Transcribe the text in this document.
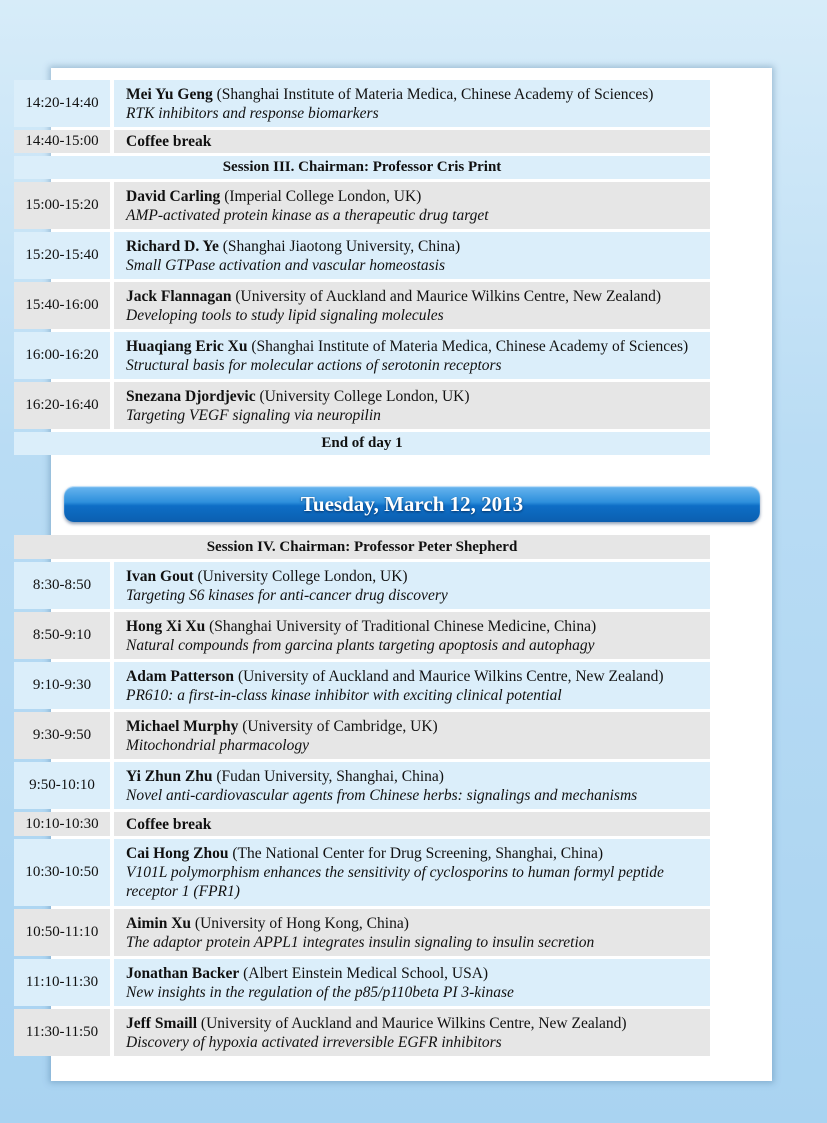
14:20-14:40
Mei Yu Geng (Shanghai Institute of Materia Medica, Chinese Academy of Sciences)
RTK inhibitors and response biomarkers
14:40-15:00	Coffee break
Session III. Chairman: Professor Cris Print
15:00-15:20
David Carling (Imperial College London, UK)
AMP-activated protein kinase as a therapeutic drug target
15:20-15:40
Richard D. Ye (Shanghai Jiaotong University, China)
Small GTPase activation and vascular homeostasis
15:40-16:00
Jack Flannagan (University of Auckland and Maurice Wilkins Centre, New Zealand)
Developing tools to study lipid signaling molecules
16:00-16:20
Huaqiang Eric Xu (Shanghai Institute of Materia Medica, Chinese Academy of Sciences)
Structural basis for molecular actions of serotonin receptors
16:20-16:40
Snezana Djordjevic (University College London, UK)
Targeting VEGF signaling via neuropilin
End of day 1
Tuesday, March 12, 2013
Session IV. Chairman: Professor Peter Shepherd
8:30-8:50
Ivan Gout (University College London, UK)
Targeting S6 kinases for anti-cancer drug discovery
8:50-9:10
Hong Xi Xu (Shanghai University of Traditional Chinese Medicine, China)
Natural compounds from garcina plants targeting apoptosis and autophagy
9:10-9:30
Adam Patterson (University of Auckland and Maurice Wilkins Centre, New Zealand)
PR610: a first-in-class kinase inhibitor with exciting clinical potential
9:30-9:50
Michael Murphy (University of Cambridge, UK)
Mitochondrial pharmacology
9:50-10:10
Yi Zhun Zhu (Fudan University, Shanghai, China)
Novel anti-cardiovascular agents from Chinese herbs: signalings and mechanisms
10:10-10:30	Coffee break
10:30-10:50
Cai Hong Zhou (The National Center for Drug Screening, Shanghai, China)
V101L polymorphism enhances the sensitivity of cyclosporins to human formyl peptide receptor 1 (FPR1)
10:50-11:10
Aimin Xu (University of Hong Kong, China)
The adaptor protein APPL1 integrates insulin signaling to insulin secretion
11:10-11:30
Jonathan Backer (Albert Einstein Medical School, USA)
New insights in the regulation of the p85/p110beta PI 3-kinase
11:30-11:50
Jeff Smaill (University of Auckland and Maurice Wilkins Centre, New Zealand)
Discovery of hypoxia activated irreversible EGFR inhibitors
